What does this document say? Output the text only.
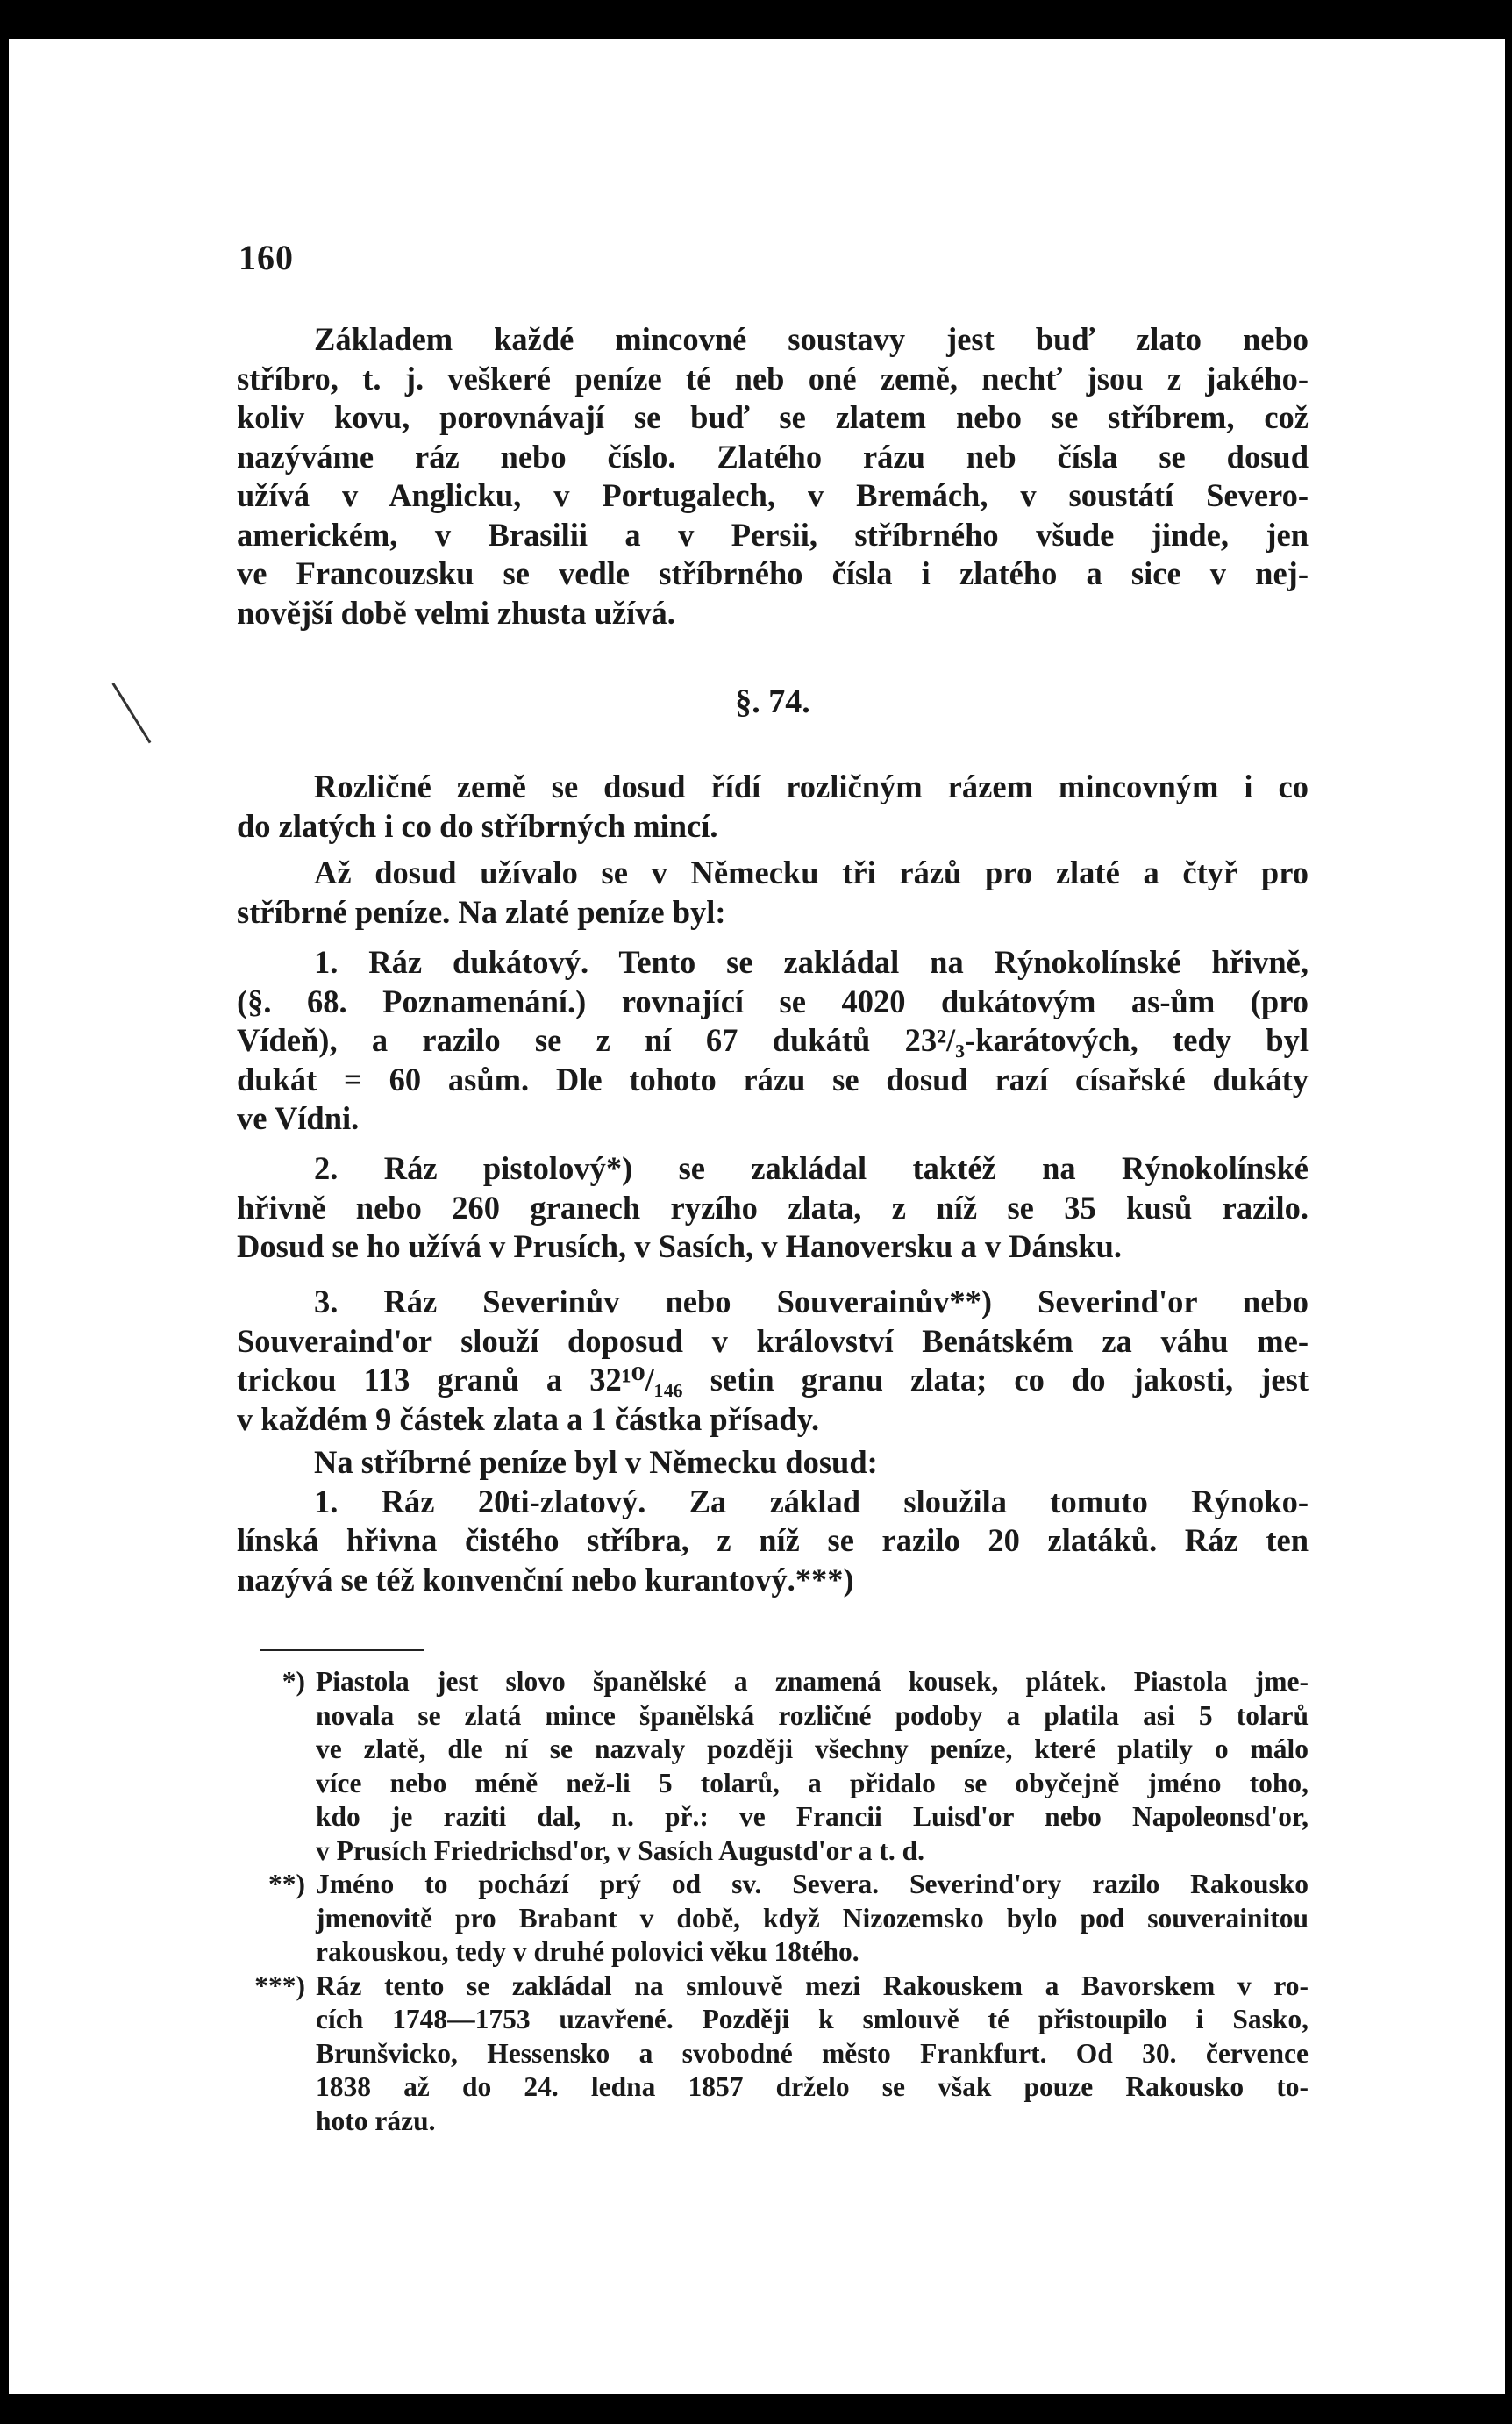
160
Základem každé mincovné soustavy jest buď zlato nebo
stříbro, t. j. veškeré peníze té neb oné země, nechť jsou z jakého-
koliv kovu, porovnávají se buď se zlatem nebo se stříbrem, což
nazýváme ráz nebo číslo. Zlatého rázu neb čísla se dosud
užívá v Anglicku, v Portugalech, v Bremách, v soustátí Severo-
americkém, v Brasilii a v Persii, stříbrného všude jinde, jen
ve Francouzsku se vedle stříbrného čísla i zlatého a sice v nej-
novější době velmi zhusta užívá.
§. 74.
Rozličné země se dosud řídí rozličným rázem mincovným i co
do zlatých i co do stříbrných mincí.
Až dosud užívalo se v Německu tři rázů pro zlaté a čtyř pro
stříbrné peníze. Na zlaté peníze byl:
1. Ráz dukátový. Tento se zakládal na Rýnokolínské hřivně,
(§. 68. Poznamenání.) rovnající se 4020 dukátovým as-ům (pro
Vídeň), a razilo se z ní 67 dukátů 23²/₃-karátových, tedy byl
dukát = 60 asům. Dle tohoto rázu se dosud razí císařské dukáty
ve Vídni.
2. Ráz pistolový*) se zakládal taktéž na Rýnokolínské
hřivně nebo 260 granech ryzího zlata, z níž se 35 kusů razilo.
Dosud se ho užívá v Prusích, v Sasích, v Hanoversku a v Dánsku.
3. Ráz Severinův nebo Souverainův**) Severind'or nebo
Souveraind'or slouží doposud v království Benátském za váhu me-
trickou 113 granů a 32¹⁰/₁₄₆ setin granu zlata; co do jakosti, jest
v každém 9 částek zlata a 1 částka přísady.
Na stříbrné peníze byl v Německu dosud:
1. Ráz 20ti-zlatový. Za základ sloužila tomuto Rýnoko-
línská hřivna čistého stříbra, z níž se razilo 20 zlatáků. Ráz ten
nazývá se též konvenční nebo kurantový.***)
*) Piastola jest slovo španělské a znamená kousek, plátek. Piastola jme-
novala se zlatá mince španělská rozličné podoby a platila asi 5 tolarů
ve zlatě, dle ní se nazvaly později všechny peníze, které platily o málo
více nebo méně než-li 5 tolarů, a přidalo se obyčejně jméno toho,
kdo je raziti dal, n. př.: ve Francii Luisd'or nebo Napoleonsd'or,
v Prusích Friedrichsd'or, v Sasích Augustd'or a t. d.
**) Jméno to pochází prý od sv. Severa. Severind'ory razilo Rakousko
jmenovitě pro Brabant v době, když Nizozemsko bylo pod souverainitou
rakouskou, tedy v druhé polovici věku 18tého.
***) Ráz tento se zakládal na smlouvě mezi Rakouskem a Bavorskem v ro-
cích 1748—1753 uzavřené. Později k smlouvě té přistoupilo i Sasko,
Brunšvicko, Hessensko a svobodné město Frankfurt. Od 30. července
1838 až do 24. ledna 1857 drželo se však pouze Rakousko to-
hoto rázu.
